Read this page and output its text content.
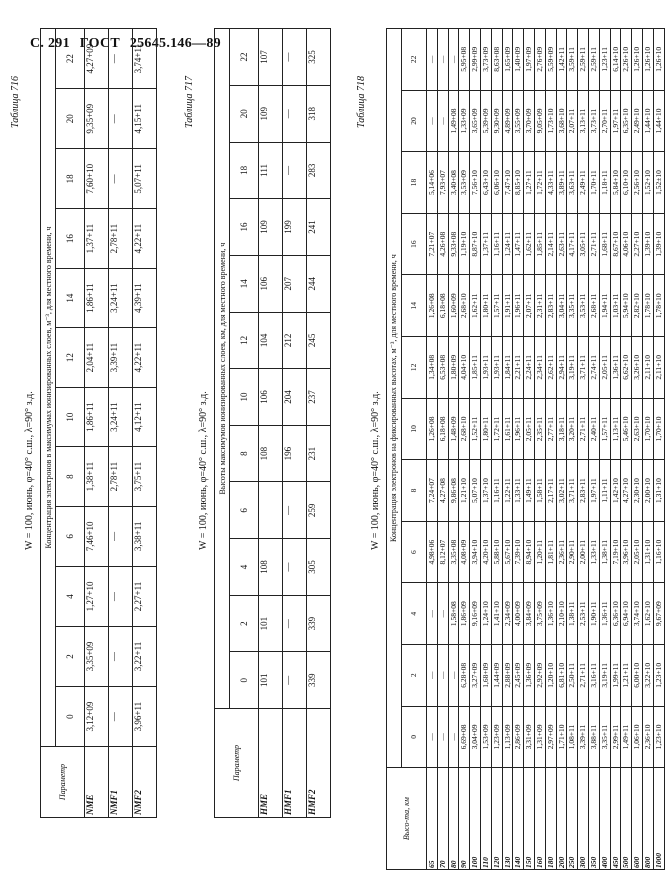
С. 291 ГОСТ 25645.146—89
Таблица 716
W = 100, июнь, φ=40° с.ш., λ=90° з.д.
Параметр	Концентрация электронов в максимумах ионизированных слоев, м⁻³, для местного времени, ч											
	0	2	4	6	8	10	12	14	16	18	20	22
NME	3,12+09	3,35+09	1,27+10	7,46+10	1,38+11	1,86+11	2,04+11	1,86+11	1,37+11	7,60+10	9,35+09	4,27+09
NMF1	—	—	—	—	2,78+11	3,24+11	3,39+11	3,24+11	2,78+11	—	—	—
NMF2	3,96+11	3,22+11	2,27+11	3,38+11	3,75+11	4,12+11	4,22+11	4,39+11	4,22+11	5,07+11	4,15+11	3,74+11
Таблица 717
W = 100, июнь, φ=40° с.ш., λ=90° з.д.
Параметр	Высоты максимумов ионизированных слоев, км, для местного времени, ч											
	0	2	4	6	8	10	12	14	16	18	20	22
HME	101	101	108		108	106	104	106	109	111	109	107
HMF1	—	—	—	—	196	204	212	207	199	—	—	—
HMF2	339	339	305	259	231	237	245	244	241	283	318	325
Таблица 718
W = 100, июнь, φ=40° с.ш., λ=90° з.д.
Высо-та, км	Концентрация электронов на фиксированных высотах, м⁻³, для местного времени, ч											
	0	2	4	6	8	10	12	14	16	18	20	22
65	—	—	—	4,98+06	7,24+07	1,26+08	1,34+08	1,26+08	7,21+07	5,14+06	—	—
70	—	—	—	8,12+07	4,27+08	6,18+08	6,53+08	6,18+08	4,26+08	7,93+07	—	—
80	—	—	1,58+08	3,35+08	9,86+08	1,48+09	1,80+09	1,60+09	9,33+08	3,40+08	1,49+08	—
90	6,69+08	6,28+08	1,86+09	4,08+09	1,21+10	2,68+10	4,04+10	2,68+10	1,19+10	3,53+09	1,33+09	5,95+08
100	3,04+09	3,27+09	9,16+09	3,94+10	5,07+10	1,52+11	1,85+11	1,62+11	8,87+10	7,56+10	3,65+09	2,99+09
110	1,53+09	1,68+09	1,24+10	4,20+10	1,37+10	1,80+11	1,93+11	1,80+11	1,37+11	6,43+10	5,39+09	3,73+09
120	1,23+09	1,44+09	1,41+10	5,88+10	1,16+11	1,72+11	1,93+11	1,57+11	1,16+11	6,06+10	9,30+09	8,63+08
130	1,13+09	2,88+09	2,34+09	5,67+10	1,22+11	1,61+11	1,84+11	1,91+11	1,24+11	7,47+10	4,89+09	1,65+09
140	2,86+09	2,45+09	4,00+09	7,39+10	1,33+11	1,96+11	2,21+11	1,96+11	1,47+11	8,85+10	3,55+09	1,40+09
150	3,31+09	1,36+09	3,84+09	8,94+10	1,49+11	2,05+11	2,24+11	2,07+11	1,62+11	1,27+11	3,70+09	1,97+09
160	1,31+09	2,92+09	3,75+09	1,20+11	1,58+11	2,35+11	2,34+11	2,31+11	1,85+11	1,72+11	9,05+09	2,76+09
180	2,97+09	1,20+10	1,36+10	1,81+11	2,17+11	2,77+11	2,62+11	2,83+11	2,14+11	4,33+11	1,73+10	5,59+09
200	1,71+10	6,81+10	2,10+10	2,36+11	3,02+11	3,18+11	2,94+11	3,04+11	2,63+11	3,89+11	3,68+10	1,42+11
250	1,08+11	2,50+11	1,38+11	2,90+11	3,71+11	3,20+11	3,19+11	3,35+11	4,17+11	3,63+11	2,07+11	3,59+11
300	3,39+11	2,71+11	2,53+11	2,00+11	2,83+11	2,71+11	3,71+11	3,53+11	3,05+11	2,49+11	3,13+11	2,59+11
350	3,88+11	3,16+11	1,90+11	1,33+11	1,97+11	2,40+11	2,74+11	2,68+11	2,71+11	1,70+11	3,73+11	2,59+11
400	3,35+11	3,19+11	1,36+11	1,38+11	1,11+11	1,57+11	2,05+11	1,94+11	1,68+11	1,18+11	2,70+11	1,23+11
450	2,99+11	1,99+11	6,36+10	7,19+10	1,42+10	1,13+11	1,36+11	1,03+11	8,67+10	5,84+10	1,97+11	6,14+10
500	1,49+11	1,21+11	6,94+10	3,96+10	4,27+10	5,46+10	6,62+10	5,94+10	4,06+10	6,10+10	6,35+10	2,26+10
600	1,06+10	6,00+10	3,74+10	2,05+10	2,30+10	2,63+10	3,26+10	2,82+10	2,27+10	2,56+10	2,49+10	1,26+10
800	2,36+10	3,22+10	1,62+10	1,31+10	2,00+10	1,70+10	2,11+10	1,78+10	1,39+10	1,52+10	1,44+10	1,26+10
1000	1,23+10	1,23+10	9,67+09	1,16+10	1,31+10	1,70+10	2,11+10	1,78+10	1,39+10	1,52±10	1,44+10	1,26+10
